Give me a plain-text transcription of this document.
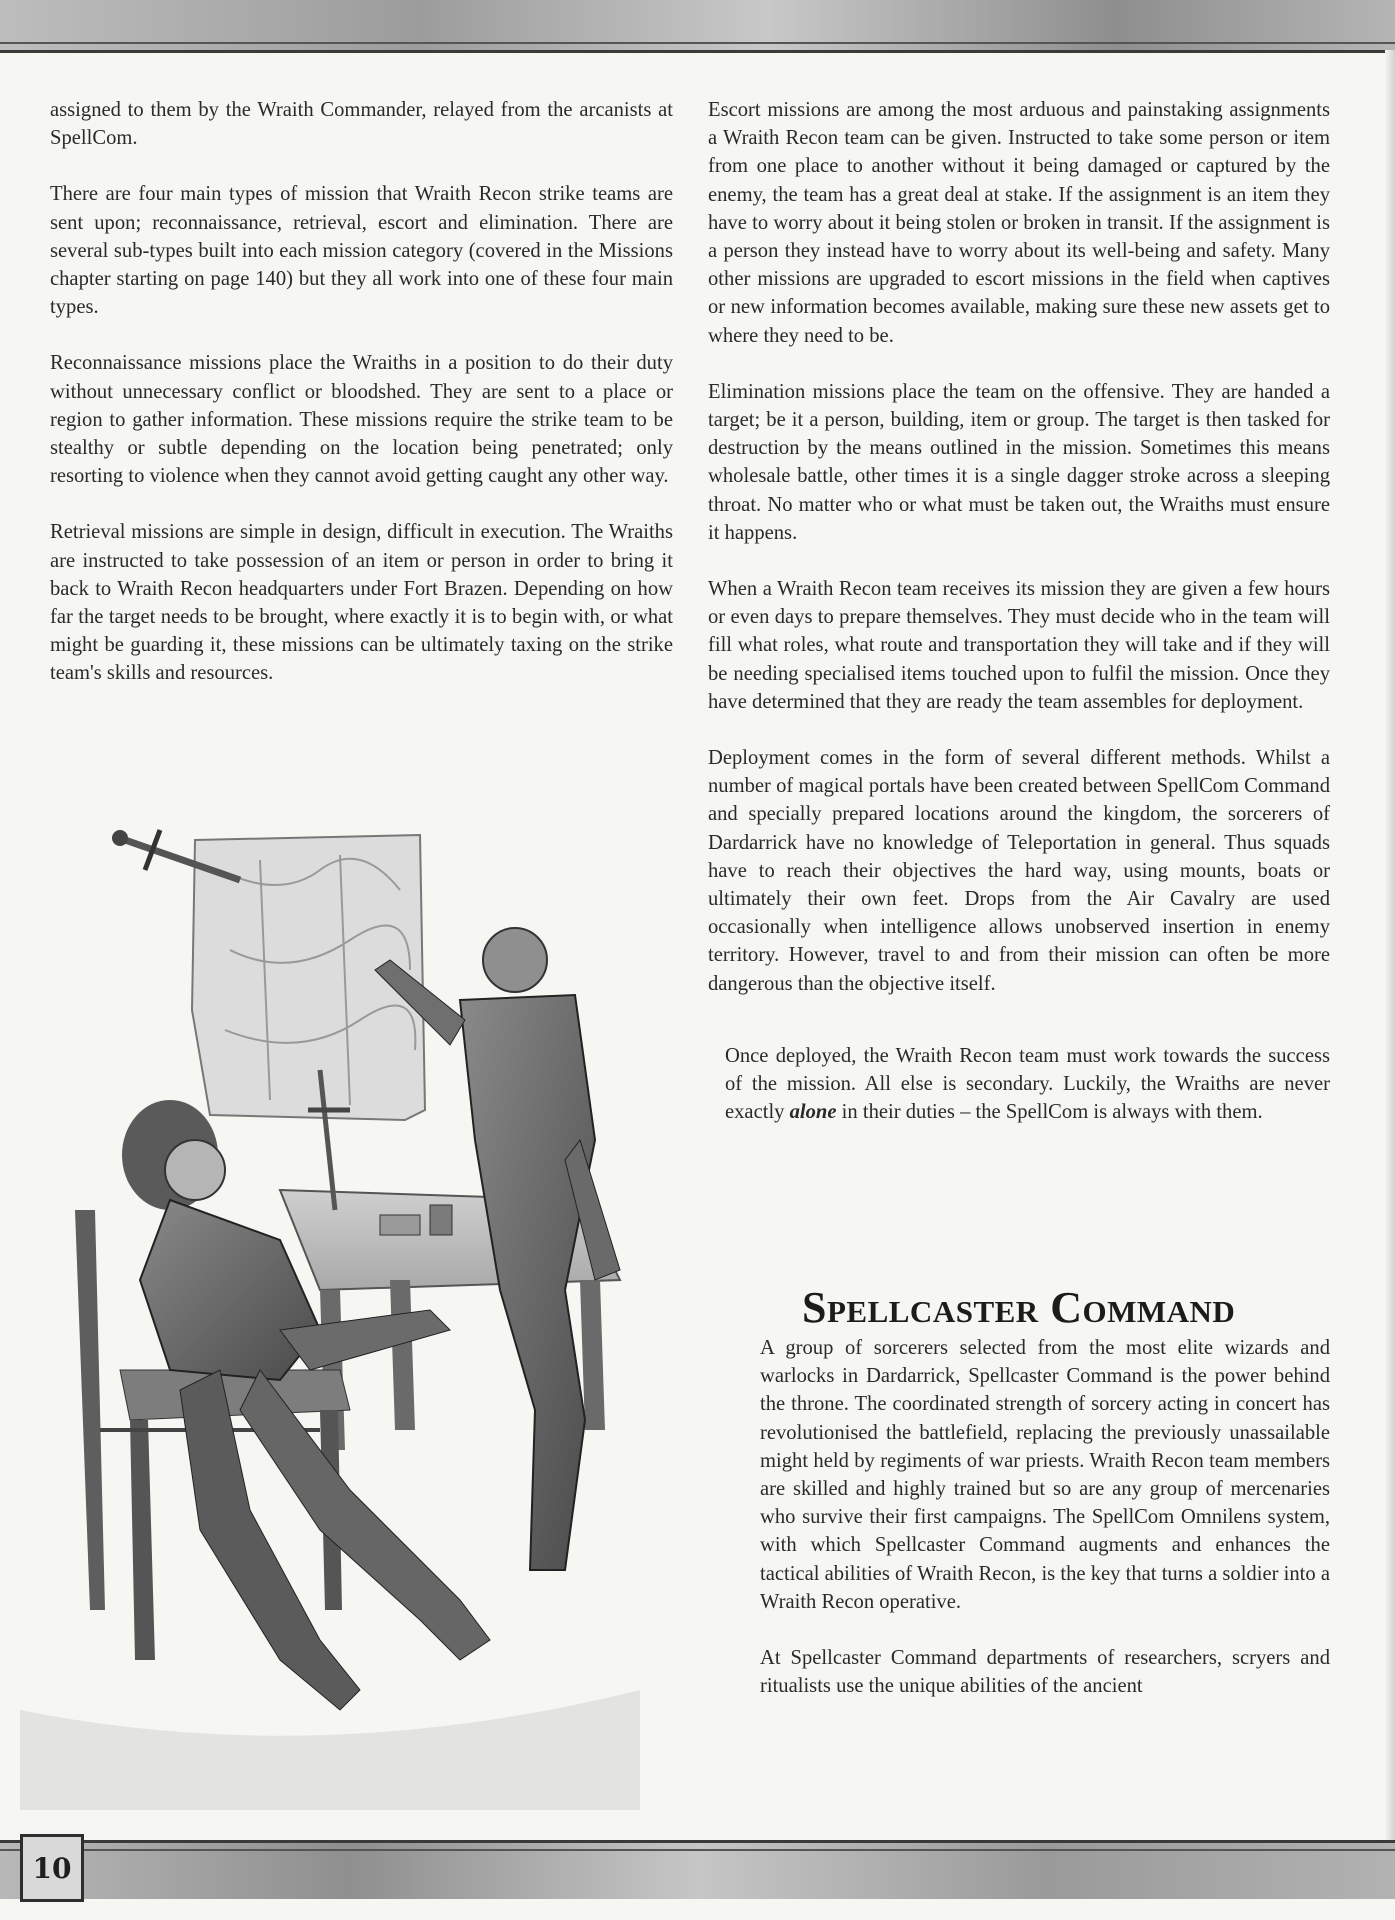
assigned to them by the Wraith Commander, relayed from the arcanists at SpellCom.

There are four main types of mission that Wraith Recon strike teams are sent upon; reconnaissance, retrieval, escort and elimination. There are several sub-types built into each mission category (covered in the Missions chapter starting on page 140) but they all work into one of these four main types.

Reconnaissance missions place the Wraiths in a position to do their duty without unnecessary conflict or bloodshed. They are sent to a place or region to gather information. These missions require the strike team to be stealthy or subtle depending on the location being penetrated; only resorting to violence when they cannot avoid getting caught any other way.

Retrieval missions are simple in design, difficult in execution. The Wraiths are instructed to take possession of an item or person in order to bring it back to Wraith Recon headquarters under Fort Brazen. Depending on how far the target needs to be brought, where exactly it is to begin with, or what might be guarding it, these missions can be ultimately taxing on the strike team's skills and resources.

Escort missions are among the most arduous and painstaking assignments a Wraith Recon team can be given. Instructed to take some person or item from one place to another without it being damaged or captured by the enemy, the team has a great deal at stake. If the assignment is an item they have to worry about it being stolen or broken in transit. If the assignment is a person they instead have to worry about its well-being and safety. Many other missions are upgraded to escort missions in the field when captives or new information becomes available, making sure these new assets get to where they need to be.

Elimination missions place the team on the offensive. They are handed a target; be it a person, building, item or group. The target is then tasked for destruction by the means outlined in the mission. Sometimes this means wholesale battle, other times it is a single dagger stroke across a sleeping throat. No matter who or what must be taken out, the Wraiths must ensure it happens.

When a Wraith Recon team receives its mission they are given a few hours or even days to prepare themselves. They must decide who in the team will fill what roles, what route and transportation they will take and if they will be needing specialised items touched upon to fulfil the mission. Once they have determined that they are ready the team assembles for deployment.

Deployment comes in the form of several different methods. Whilst a number of magical portals have been created between SpellCom Command and specially prepared locations around the kingdom, the sorcerers of Dardarrick have no knowledge of Teleportation in general. Thus squads have to reach their objectives the hard way, using mounts, boats or ultimately their own feet. Drops from the Air Cavalry are used occasionally when intelligence allows unobserved insertion in enemy territory. However, travel to and from their mission can often be more dangerous than the objective itself.

Once deployed, the Wraith Recon team must work towards the success of the mission. All else is secondary. Luckily, the Wraiths are never exactly alone in their duties – the SpellCom is always with them.

Spellcaster Command

A group of sorcerers selected from the most elite wizards and warlocks in Dardarrick, Spellcaster Command is the power behind the throne. The coordinated strength of sorcery acting in concert has revolutionised the battlefield, replacing the previously unassailable might held by regiments of war priests. Wraith Recon team members are skilled and highly trained but so are any group of mercenaries who survive their first campaigns. The SpellCom Omnilens system, with which Spellcaster Command augments and enhances the tactical abilities of Wraith Recon, is the key that turns a soldier into a Wraith Recon operative.

At Spellcaster Command departments of researchers, scryers and ritualists use the unique abilities of the ancient

10
